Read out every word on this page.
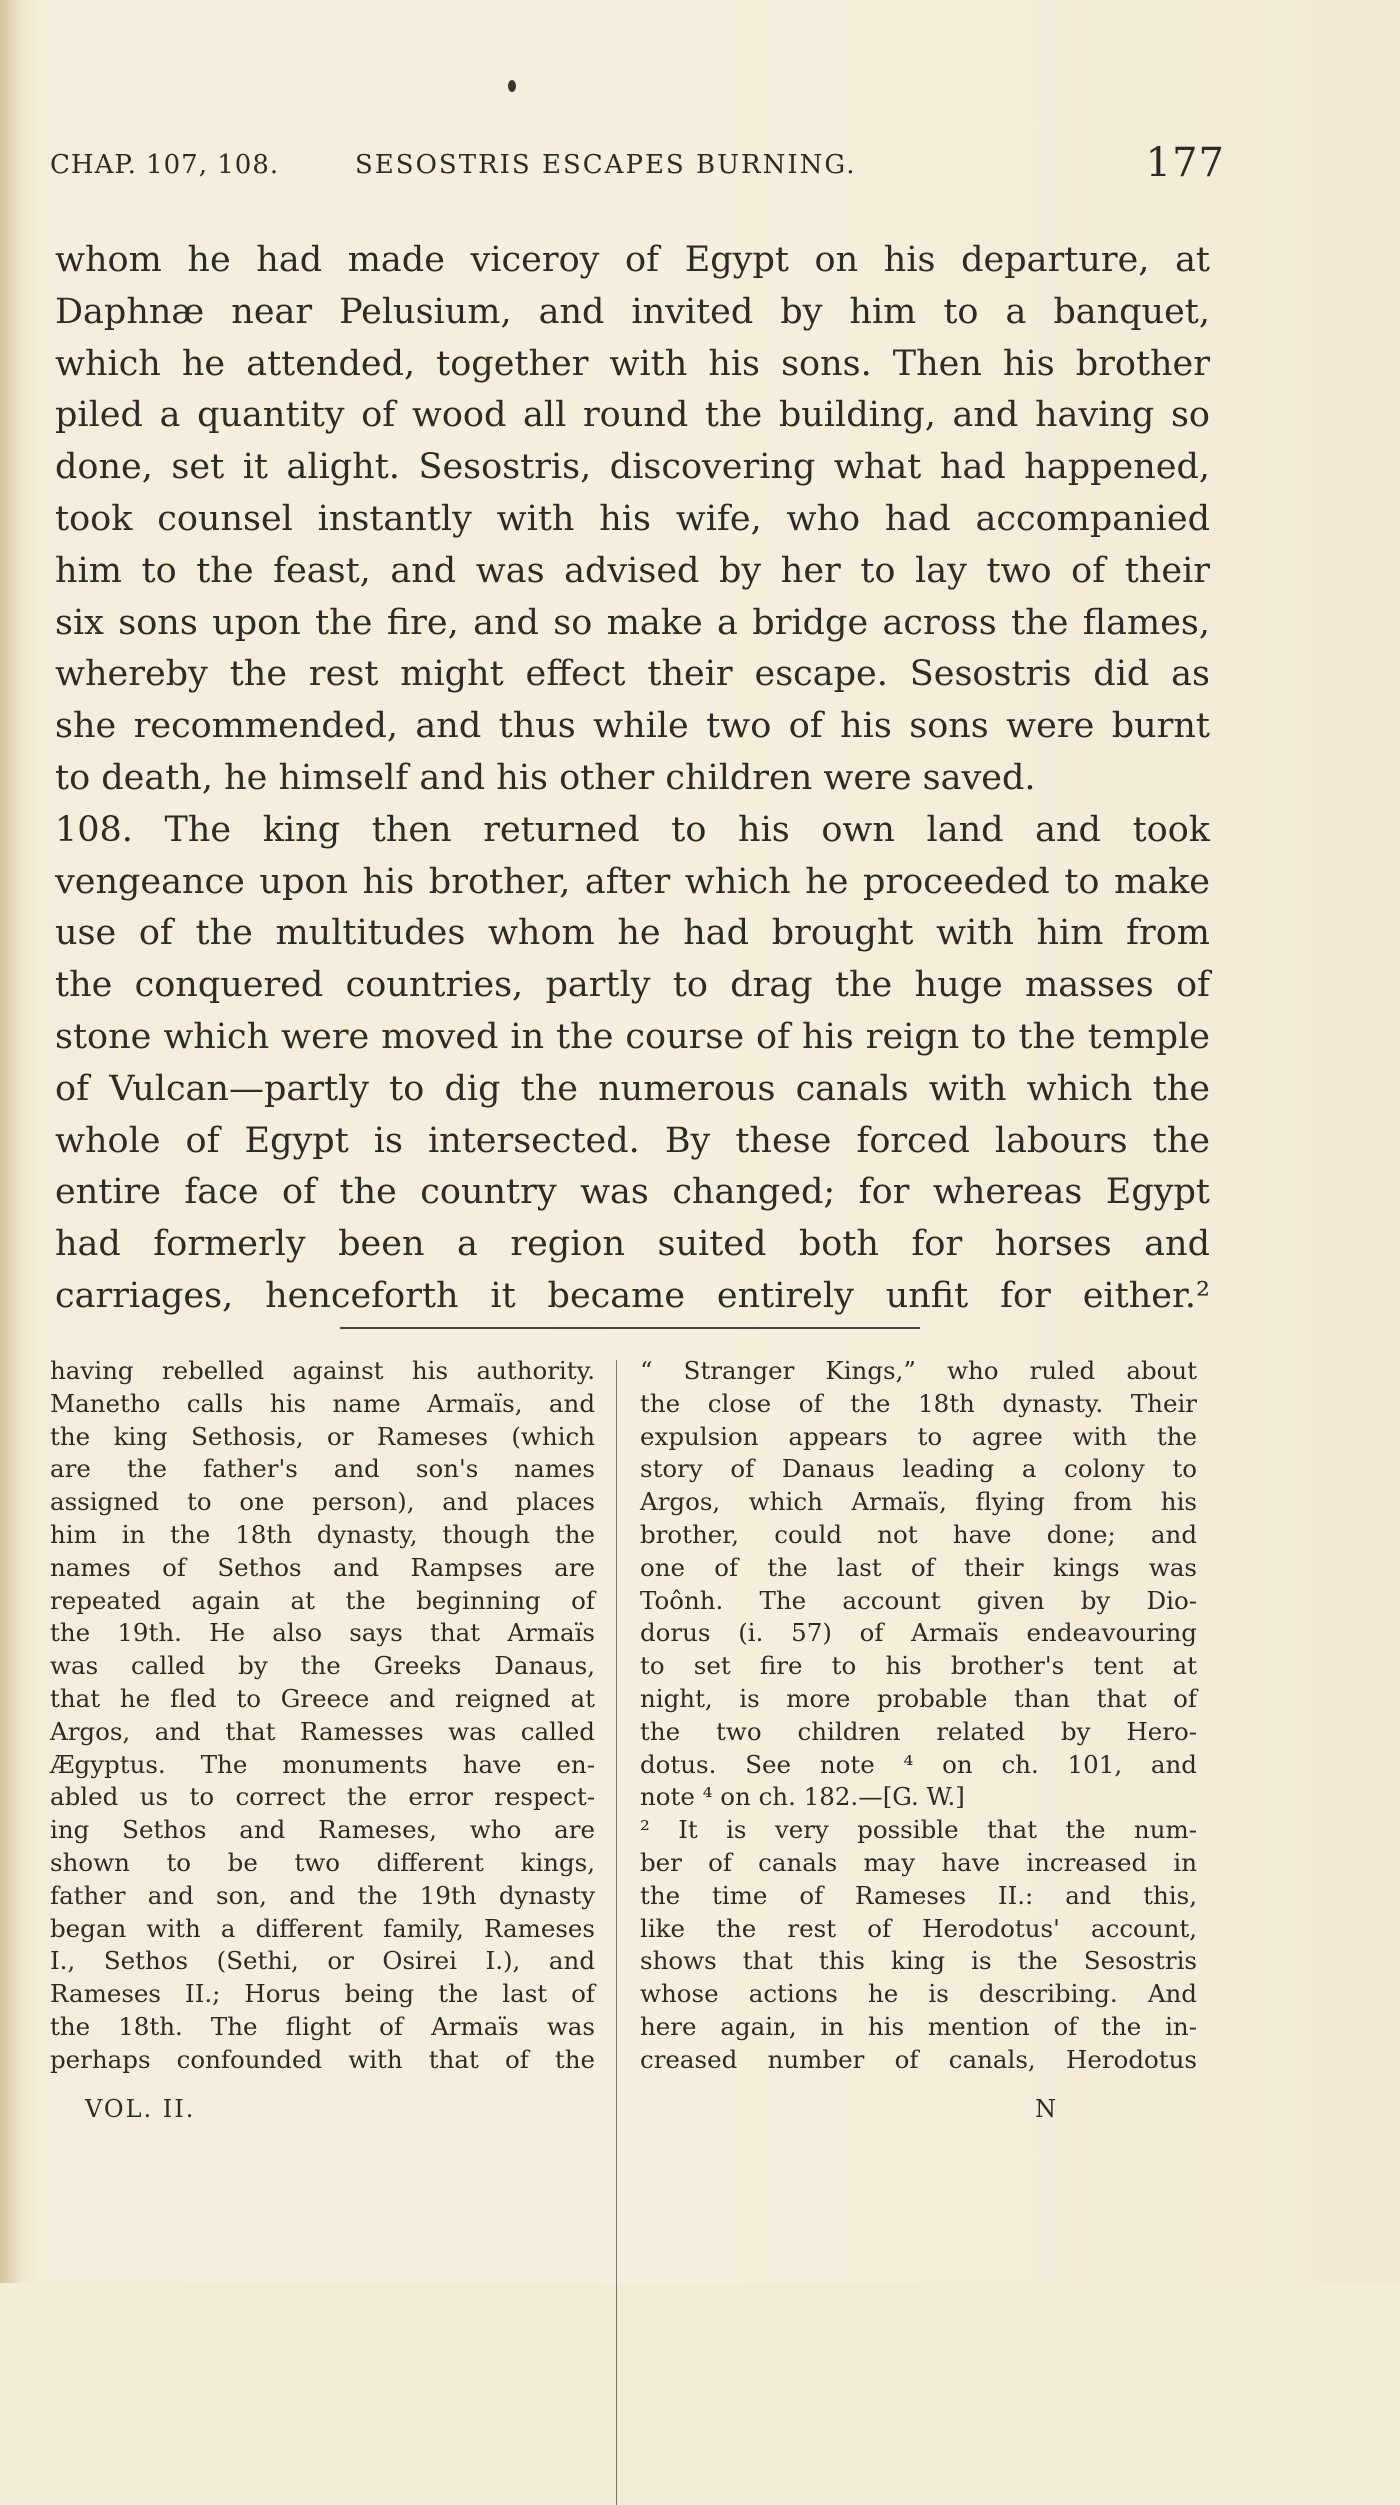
CHAP. 107, 108.	SESOSTRIS ESCAPES BURNING.	177
whom he had made viceroy of Egypt on his departure, at
Daphnæ near Pelusium, and invited by him to a banquet,
which he attended, together with his sons. Then his brother
piled a quantity of wood all round the building, and having so
done, set it alight. Sesostris, discovering what had happened,
took counsel instantly with his wife, who had accompanied
him to the feast, and was advised by her to lay two of their
six sons upon the fire, and so make a bridge across the flames,
whereby the rest might effect their escape. Sesostris did as
she recommended, and thus while two of his sons were burnt
to death, he himself and his other children were saved.
108. The king then returned to his own land and took
vengeance upon his brother, after which he proceeded to make
use of the multitudes whom he had brought with him from
the conquered countries, partly to drag the huge masses of
stone which were moved in the course of his reign to the temple
of Vulcan—partly to dig the numerous canals with which the
whole of Egypt is intersected. By these forced labours the
entire face of the country was changed; for whereas Egypt
had formerly been a region suited both for horses and
carriages, henceforth it became entirely unfit for either.²
having rebelled against his authority.
Manetho calls his name Armaïs, and
the king Sethosis, or Rameses (which
are the father's and son's names
assigned to one person), and places
him in the 18th dynasty, though the
names of Sethos and Rampses are
repeated again at the beginning of
the 19th. He also says that Armaïs
was called by the Greeks Danaus,
that he fled to Greece and reigned at
Argos, and that Ramesses was called
Ægyptus. The monuments have en-
abled us to correct the error respect-
ing Sethos and Rameses, who are
shown to be two different kings,
father and son, and the 19th dynasty
began with a different family, Rameses
I., Sethos (Sethi, or Osirei I.), and
Rameses II.; Horus being the last of
the 18th. The flight of Armaïs was
perhaps confounded with that of the
“ Stranger Kings,” who ruled about
the close of the 18th dynasty. Their
expulsion appears to agree with the
story of Danaus leading a colony to
Argos, which Armaïs, flying from his
brother, could not have done; and
one of the last of their kings was
Toônh. The account given by Dio-
dorus (i. 57) of Armaïs endeavouring
to set fire to his brother's tent at
night, is more probable than that of
the two children related by Hero-
dotus. See note ⁴ on ch. 101, and
note ⁴ on ch. 182.—[G. W.]
² It is very possible that the num-
ber of canals may have increased in
the time of Rameses II.: and this,
like the rest of Herodotus' account,
shows that this king is the Sesostris
whose actions he is describing. And
here again, in his mention of the in-
creased number of canals, Herodotus
VOL. II.	N
